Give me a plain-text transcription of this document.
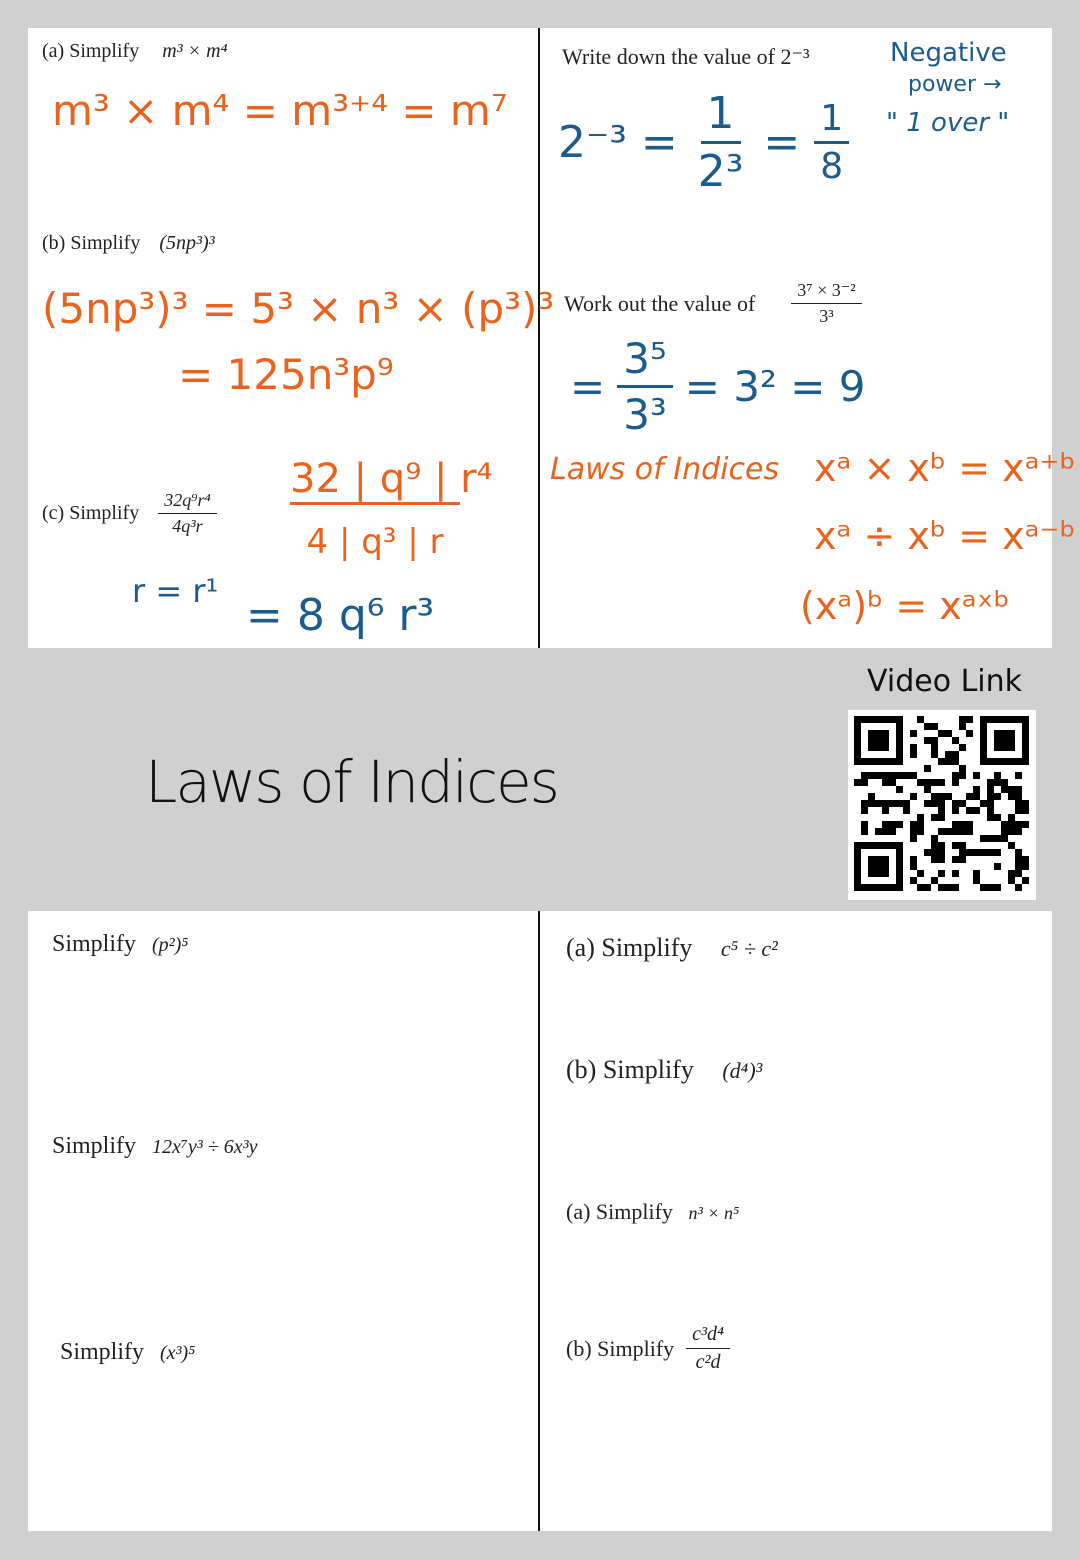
(a) Simplify m³ × m⁴
m³ × m⁴ = m³⁺⁴ = m⁷
(b) Simplify (5np³)³
(5np³)³ = 5³ × n³ × (p³)³
= 125n³p⁹
(c) Simplify $\frac{\text{32q⁹r⁴}}{\text{4q³r}}$
32 | q⁹ | r⁴
4 | q³ | r
r = r¹ = 8 q⁶ r³
Write down the value of 2⁻³	Negative
power →
" 1 over "
$2^{-3} = \frac{1}{\text{2³}} = \frac{1}{8}$
Work out the value of $\frac{\text{3⁷ × 3⁻²}}{\text{3³}}$
= $\frac{\text{3⁵}}{\text{3³}} = 3^2 = 9$
Laws of Indices xᵃ × xᵇ = xᵃ⁺ᵇ
xᵃ ÷ xᵇ = xᵃ⁻ᵇ
(xᵃ)ᵇ = xᵃˣᵇ
Laws of Indices
Video Link
Simplify (p²)⁵
Simplify 12x⁷y³ ÷ 6x³y
Simplify (x³)⁵
(a) Simplify c⁵ ÷ c²
(b) Simplify (d⁴)³
(a) Simplify n³ × n⁵
(b) Simplify $\frac{\text{c³d⁴}}{\text{c²d}}$
